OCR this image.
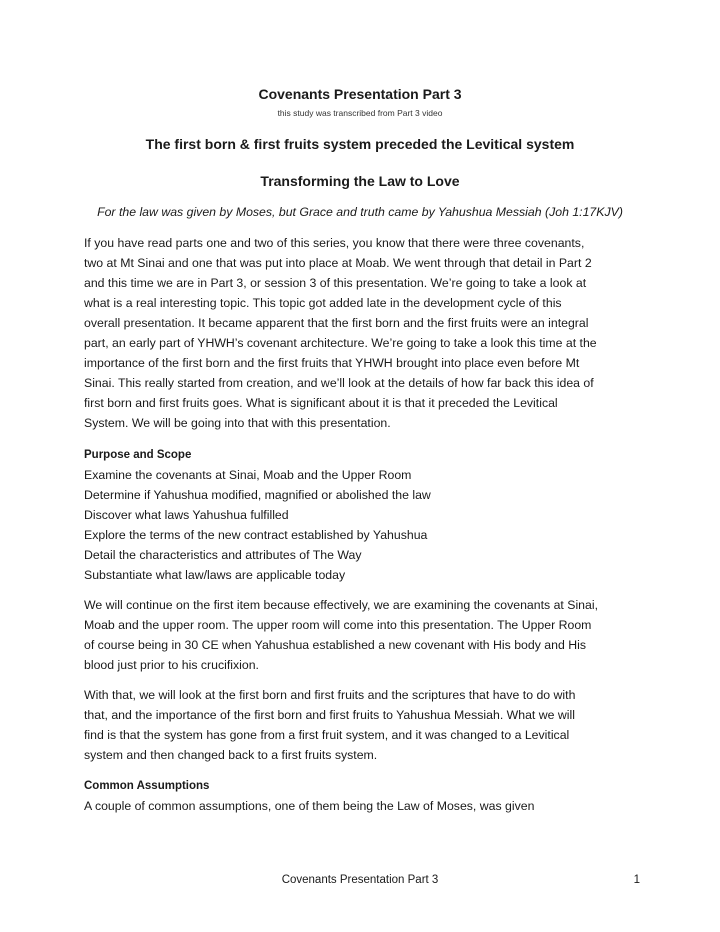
Covenants Presentation Part 3
this study was transcribed from Part 3 video
The first born & first fruits system preceded the Levitical system
Transforming the Law to Love
For the law was given by Moses, but Grace and truth came by Yahushua Messiah (Joh 1:17KJV)
If you have read parts one and two of this series, you know that there were three covenants,
two at Mt Sinai and one that was put into place at Moab. We went through that detail in Part 2
and this time we are in Part 3, or session 3 of this presentation. We’re going to take a look at
what is a real interesting topic. This topic got added late in the development cycle of this
overall presentation. It became apparent that the first born and the first fruits were an integral
part, an early part of YHWH’s covenant architecture. We’re going to take a look this time at the
importance of the first born and the first fruits that YHWH brought into place even before Mt
Sinai. This really started from creation, and we’ll look at the details of how far back this idea of
first born and first fruits goes. What is significant about it is that it preceded the Levitical
System. We will be going into that with this presentation.
Purpose and Scope
Examine the covenants at Sinai, Moab and the Upper Room
Determine if Yahushua modified, magnified or abolished the law
Discover what laws Yahushua fulfilled
Explore the terms of the new contract established by Yahushua
Detail the characteristics and attributes of The Way
Substantiate what law/laws are applicable today
We will continue on the first item because effectively, we are examining the covenants at Sinai,
Moab and the upper room. The upper room will come into this presentation. The Upper Room
of course being in 30 CE when Yahushua established a new covenant with His body and His
blood just prior to his crucifixion.
With that, we will look at the first born and first fruits and the scriptures that have to do with
that, and the importance of the first born and first fruits to Yahushua Messiah. What we will
find is that the system has gone from a first fruit system, and it was changed to a Levitical
system and then changed back to a first fruits system.
Common Assumptions
A couple of common assumptions, one of them being the Law of Moses, was given
Covenants Presentation Part 3	1
